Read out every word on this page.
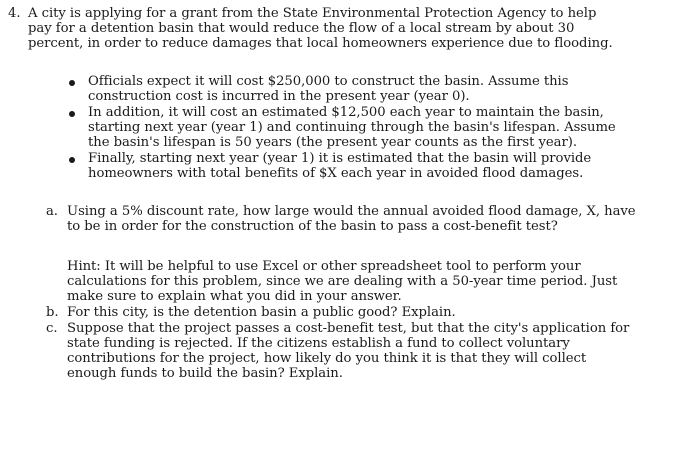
4. A city is applying for a grant from the State Environmental Protection Agency to help
pay for a detention basin that would reduce the flow of a local stream by about 30
percent, in order to reduce damages that local homeowners experience due to flooding.
Officials expect it will cost $250,000 to construct the basin. Assume this
construction cost is incurred in the present year (year 0).
In addition, it will cost an estimated $12,500 each year to maintain the basin,
starting next year (year 1) and continuing through the basin's lifespan. Assume
the basin's lifespan is 50 years (the present year counts as the first year).
Finally, starting next year (year 1) it is estimated that the basin will provide
homeowners with total benefits of $X each year in avoided flood damages.
a. Using a 5% discount rate, how large would the annual avoided flood damage, X, have
to be in order for the construction of the basin to pass a cost-benefit test?
Hint: It will be helpful to use Excel or other spreadsheet tool to perform your
calculations for this problem, since we are dealing with a 50-year time period. Just
make sure to explain what you did in your answer.
b. For this city, is the detention basin a public good? Explain.
c. Suppose that the project passes a cost-benefit test, but that the city's application for
state funding is rejected. If the citizens establish a fund to collect voluntary
contributions for the project, how likely do you think it is that they will collect
enough funds to build the basin? Explain.
